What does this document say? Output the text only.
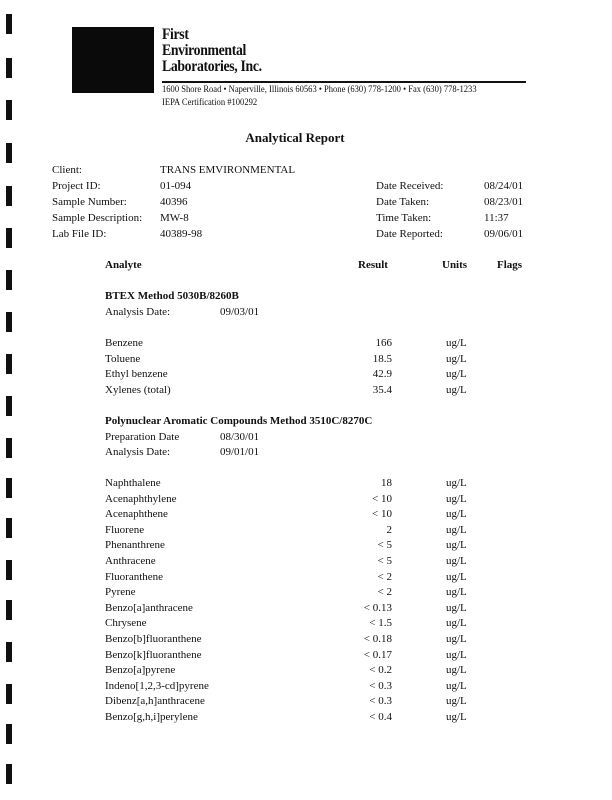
First
Environmental
Laboratories, Inc.
1600 Shore Road • Naperville, Illinois 60563 • Phone (630) 778-1200 • Fax (630) 778-1233
IEPA Certification #100292
Analytical Report
Client:	TRANS EMVIRONMENTAL
Project ID:	01-094
Sample Number:	40396
Sample Description: MW-8
Lab File ID:	40389-98
Date Received:	08/24/01
Date Taken:	08/23/01
Time Taken:	11:37
Date Reported:	09/06/01
Analyte	Result	Units	Flags
BTEX Method 5030B/8260B
Analysis Date:	09/03/01
Benzene	166	ug/L
Toluene	18.5	ug/L
Ethyl benzene	42.9	ug/L
Xylenes (total)	35.4	ug/L
Polynuclear Aromatic Compounds Method 3510C/8270C
Preparation Date	08/30/01
Analysis Date:	09/01/01
Naphthalene	18	ug/L
Acenaphthylene	< 10	ug/L
Acenaphthene	< 10	ug/L
Fluorene	2	ug/L
Phenanthrene	< 5	ug/L
Anthracene	< 5	ug/L
Fluoranthene	< 2	ug/L
Pyrene	< 2	ug/L
Benzo[a]anthracene	< 0.13	ug/L
Chrysene	< 1.5	ug/L
Benzo[b]fluoranthene	< 0.18	ug/L
Benzo[k]fluoranthene	< 0.17	ug/L
Benzo[a]pyrene	< 0.2	ug/L
Indeno[1,2,3-cd]pyrene	< 0.3	ug/L
Dibenz[a,h]anthracene	< 0.3	ug/L
Benzo[g,h,i]perylene	< 0.4	ug/L
